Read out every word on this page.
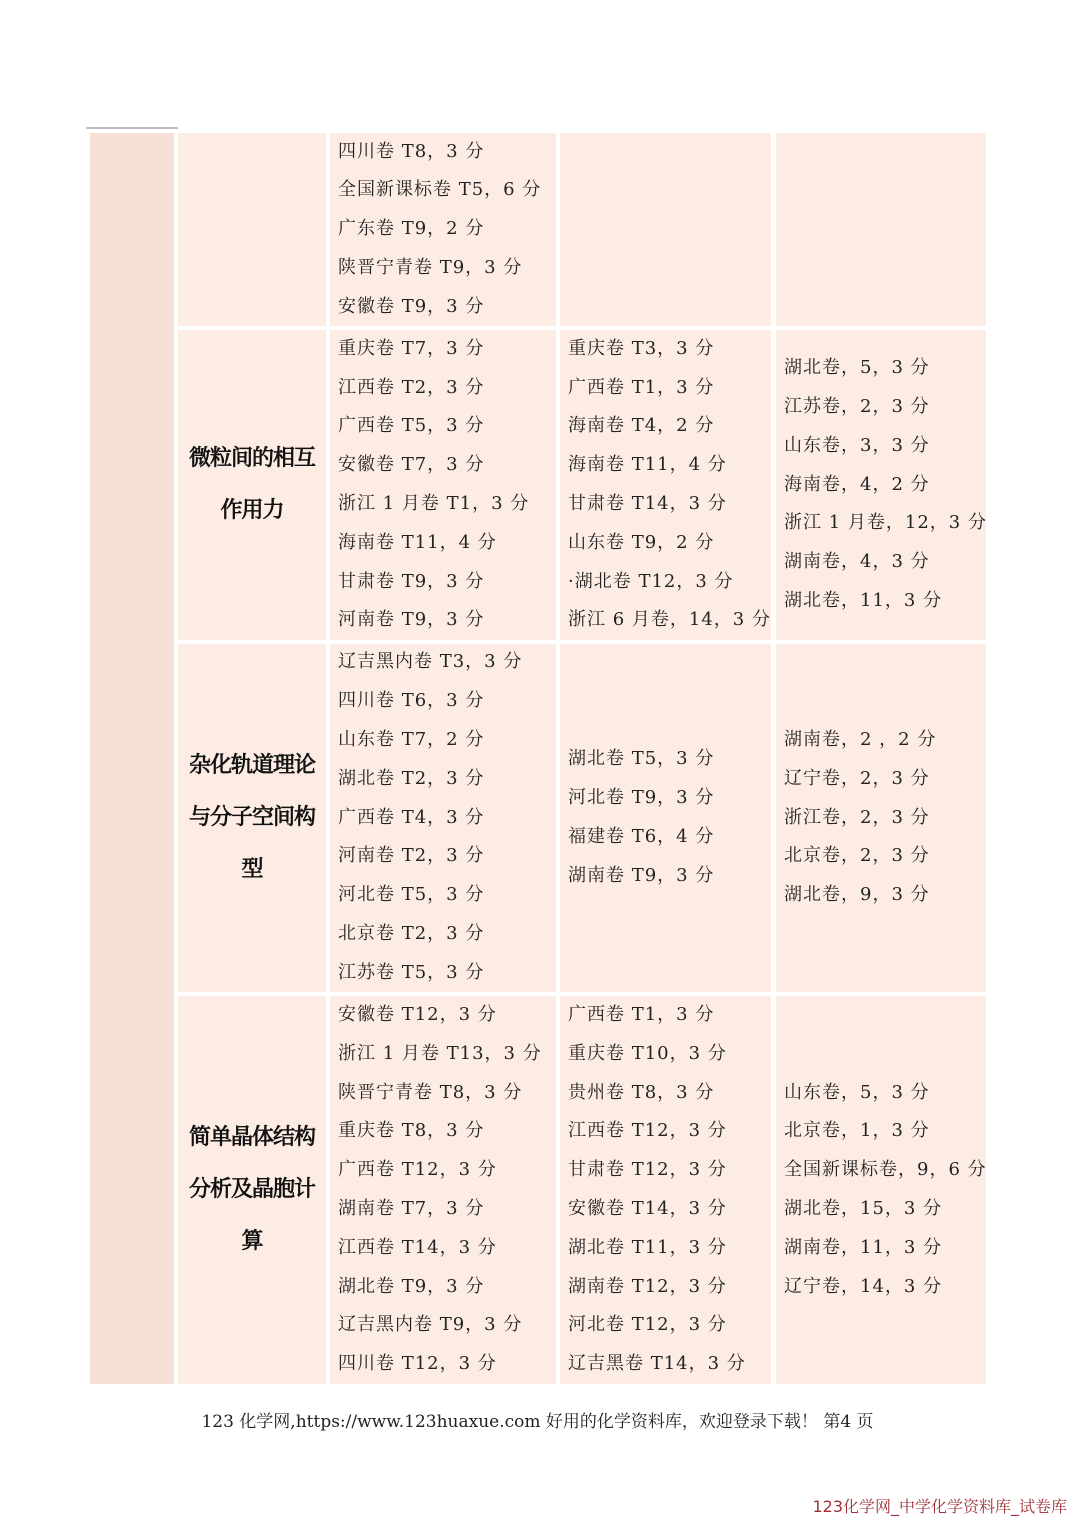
四川卷 T8，3 分
全国新课标卷 T5，6 分
广东卷 T9，2 分
陕晋宁青卷 T9，3 分
安徽卷 T9，3 分
微粒间的相互
作用力
重庆卷 T7，3 分
江西卷 T2，3 分
广西卷 T5，3 分
安徽卷 T7，3 分
浙江 1 月卷 T1，3 分
海南卷 T11，4 分
甘肃卷 T9，3 分
河南卷 T9，3 分
重庆卷 T3，3 分
广西卷 T1，3 分
海南卷 T4，2 分
海南卷 T11，4 分
甘肃卷 T14，3 分
山东卷 T9，2 分
·湖北卷 T12，3 分
浙江 6 月卷，14，3 分
湖北卷，5，3 分
江苏卷，2，3 分
山东卷，3，3 分
海南卷，4，2 分
浙江 1 月卷，12，3 分
湖南卷，4，3 分
湖北卷，11，3 分
杂化轨道理论
与分子空间构
型
辽吉黑内卷 T3，3 分
四川卷 T6，3 分
山东卷 T7，2 分
湖北卷 T2，3 分
广西卷 T4，3 分
河南卷 T2，3 分
河北卷 T5，3 分
北京卷 T2，3 分
江苏卷 T5，3 分
湖北卷 T5，3 分
河北卷 T9，3 分
福建卷 T6，4 分
湖南卷 T9，3 分
湖南卷，2 ，2 分
辽宁卷，2，3 分
浙江卷，2，3 分
北京卷，2，3 分
湖北卷，9，3 分
简单晶体结构
分析及晶胞计
算
安徽卷 T12，3 分
浙江 1 月卷 T13，3 分
陕晋宁青卷 T8，3 分
重庆卷 T8，3 分
广西卷 T12，3 分
湖南卷 T7，3 分
江西卷 T14，3 分
湖北卷 T9，3 分
辽吉黑内卷 T9，3 分
四川卷 T12，3 分
广西卷 T1，3 分
重庆卷 T10，3 分
贵州卷 T8，3 分
江西卷 T12，3 分
甘肃卷 T12，3 分
安徽卷 T14，3 分
湖北卷 T11，3 分
湖南卷 T12，3 分
河北卷 T12，3 分
辽吉黑卷 T14，3 分
山东卷，5，3 分
北京卷，1，3 分
全国新课标卷，9，6 分
湖北卷，15，3 分
湖南卷，11，3 分
辽宁卷，14，3 分
123 化学网,https://www.123huaxue.com 好用的化学资料库，欢迎登录下载！ 第4 页
123化学网_中学化学资料库_试卷库
